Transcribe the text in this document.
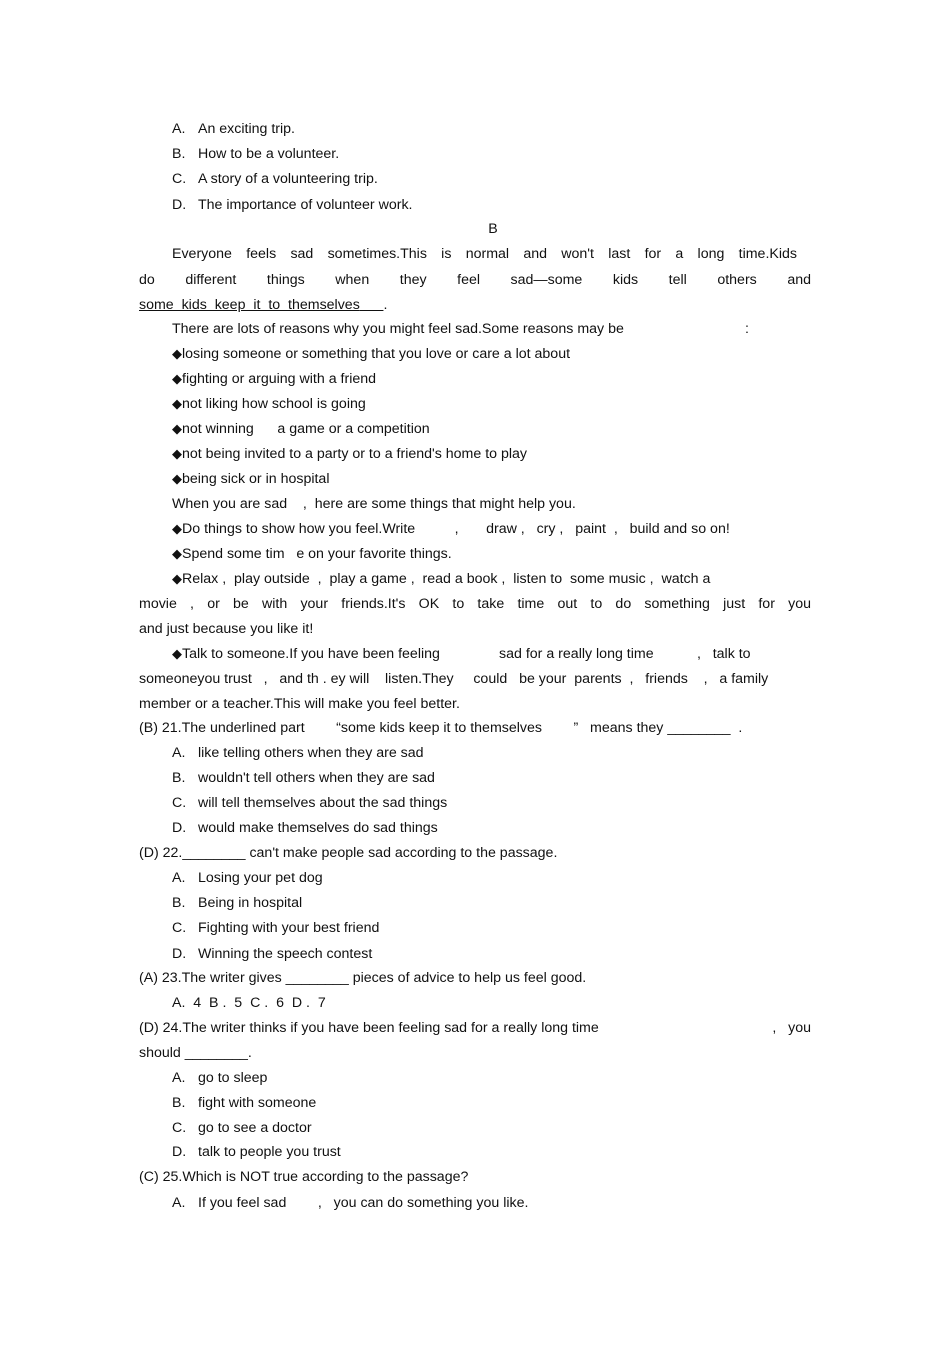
A. An exciting trip.
B. How to be a volunteer.
C. A story of a volunteering trip.
D. The importance of volunteer work.
B
Everyone feels sad sometimes.This is normal and won't last for a long time.Kids
do different things when they feel sad—some kids tell others and
some  kids  keep  it  to  themselves .
There are lots of reasons why you might feel sad.Some reasons may be	:
◆losing someone or something that you love or care a lot about
◆fighting or arguing with a friend
◆not liking how school is going
◆not winning      a game or a competition
◆not being invited to a party or to a friend's home to play
◆being sick or in hospital
When you are sad    ,  here are some things that might help you.
◆Do things to show how you feel.Write          ,       draw ,   cry ,   paint  ,   build and so on!
◆Spend some tim   e on your favorite things.
◆Relax ,  play outside  ,  play a game ,  read a book ,  listen to  some music ,  watch a
movie , or be with your friends.It's OK to take time out to do something just for you
and just because you like it!
◆Talk to someone.If you have been feeling               sad for a really long time           ,   talk to
someoneyou trust   ,   and th . ey will    listen.They     could   be your  parents  ,   friends    ,   a family
member or a teacher.This will make you feel better.
(B) 21.The underlined part        “some kids keep it to themselves        ”   means they ________  .
A. like telling others when they are sad
B. wouldn't tell others when they are sad
C. will tell themselves about the sad things
D. would make themselves do sad things
(D) 22.________ can't make people sad according to the passage.
A. Losing your pet dog
B. Being in hospital
C. Fighting with your best friend
D. Winning the speech contest
(A) 23.The writer gives ________ pieces of advice to help us feel good.
A.  4  B .  5  C .  6  D .  7
(D) 24.The writer thinks if you have been feeling sad for a really long time	,   you
should ________.
A. go to sleep
B. fight with someone
C. go to see a doctor
D. talk to people you trust
(C) 25.Which is NOT true according to the passage?
A. If you feel sad        ,   you can do something you like.
